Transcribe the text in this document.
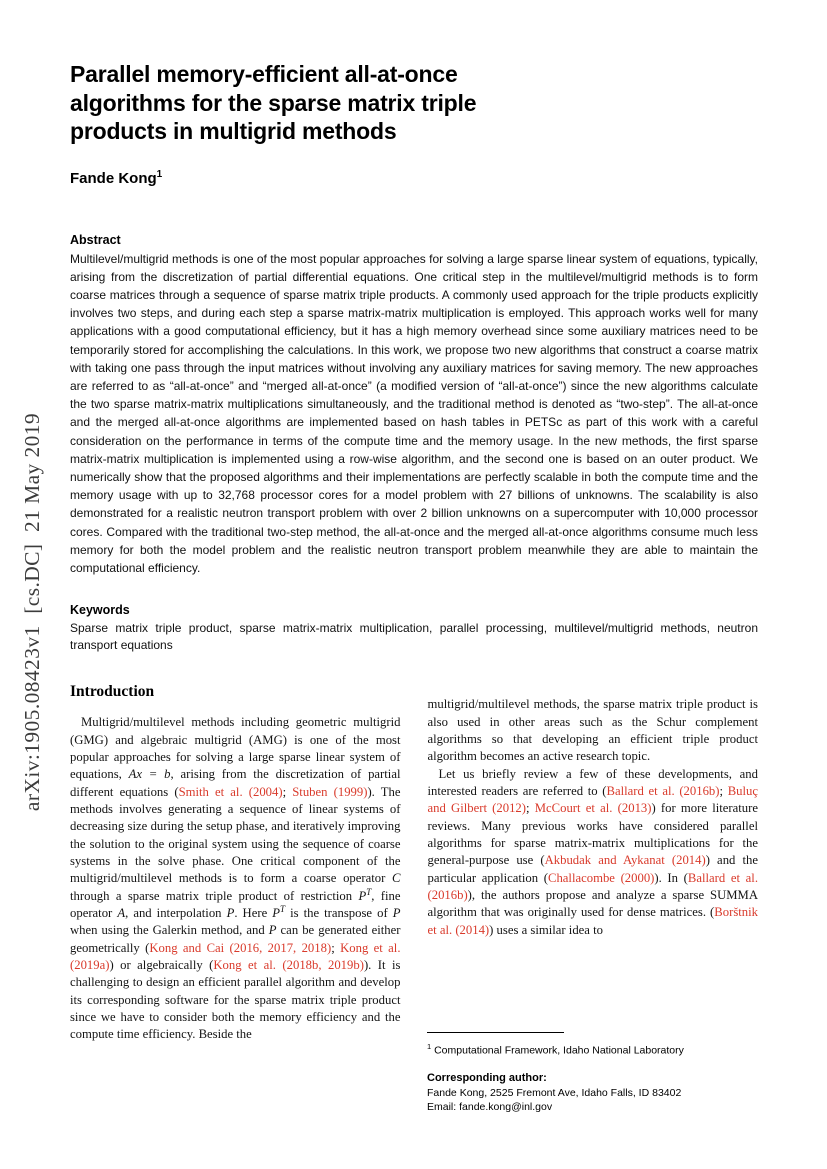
arXiv:1905.08423v1  [cs.DC]  21 May 2019
Parallel memory-efficient all-at-once algorithms for the sparse matrix triple products in multigrid methods
Fande Kong$^1$
Abstract

Multilevel/multigrid methods is one of the most popular approaches for solving a large sparse linear system of equations, typically, arising from the discretization of partial differential equations. One critical step in the multilevel/multigrid methods is to form coarse matrices through a sequence of sparse matrix triple products. A commonly used approach for the triple products explicitly involves two steps, and during each step a sparse matrix-matrix multiplication is employed. This approach works well for many applications with a good computational efficiency, but it has a high memory overhead since some auxiliary matrices need to be temporarily stored for accomplishing the calculations. In this work, we propose two new algorithms that construct a coarse matrix with taking one pass through the input matrices without involving any auxiliary matrices for saving memory. The new approaches are referred to as “all-at-once” and “merged all-at-once” (a modified version of “all-at-once”) since the new algorithms calculate the two sparse matrix-matrix multiplications simultaneously, and the traditional method is denoted as “two-step”. The all-at-once and the merged all-at-once algorithms are implemented based on hash tables in PETSc as part of this work with a careful consideration on the performance in terms of the compute time and the memory usage. In the new methods, the first sparse matrix-matrix multiplication is implemented using a row-wise algorithm, and the second one is based on an outer product. We numerically show that the proposed algorithms and their implementations are perfectly scalable in both the compute time and the memory usage with up to 32,768 processor cores for a model problem with 27 billions of unknowns. The scalability is also demonstrated for a realistic neutron transport problem with over 2 billion unknowns on a supercomputer with 10,000 processor cores. Compared with the traditional two-step method, the all-at-once and the merged all-at-once algorithms consume much less memory for both the model problem and the realistic neutron transport problem meanwhile they are able to maintain the computational efficiency.

Keywords

Sparse matrix triple product, sparse matrix-matrix multiplication, parallel processing, multilevel/multigrid methods, neutron transport equations

Introduction

Multigrid/multilevel methods including geometric multigrid (GMG) and algebraic multigrid (AMG) is one of the most popular approaches for solving a large sparse linear system of equations, Ax = b, arising from the discretization of partial different equations (Smith et al. (2004); Stuben (1999)). The methods involves generating a sequence of linear systems of decreasing size during the setup phase, and iteratively improving the solution to the original system using the sequence of coarse systems in the solve phase. One critical component of the multigrid/multilevel methods is to form a coarse operator C through a sparse matrix triple product of restriction $P^T$, fine operator A, and interpolation P. Here $P^T$ is the transpose of P when using the Galerkin method, and P can be generated either geometrically (Kong and Cai (2016, 2017, 2018); Kong et al. (2019a)) or algebraically (Kong et al. (2018b, 2019b)). It is challenging to design an efficient parallel algorithm and develop its corresponding software for the sparse matrix triple product since we have to consider both the memory efficiency and the compute time efficiency. Beside the

multigrid/multilevel methods, the sparse matrix triple product is also used in other areas such as the Schur complement algorithms so that developing an efficient triple product algorithm becomes an active research topic.

Let us briefly review a few of these developments, and interested readers are referred to (Ballard et al. (2016b); Buluç and Gilbert (2012); McCourt et al. (2013)) for more literature reviews. Many previous works have considered parallel algorithms for sparse matrix-matrix multiplications for the general-purpose use (Akbudak and Aykanat (2014)) and the particular application (Challacombe (2000)). In (Ballard et al. (2016b)), the authors propose and analyze a sparse SUMMA algorithm that was originally used for dense matrices. (Borštnik et al. (2014)) uses a similar idea to

$^1$ Computational Framework, Idaho National Laboratory

Corresponding author:

Fande Kong, 2525 Fremont Ave, Idaho Falls, ID 83402

Email: fande.kong@inl.gov
